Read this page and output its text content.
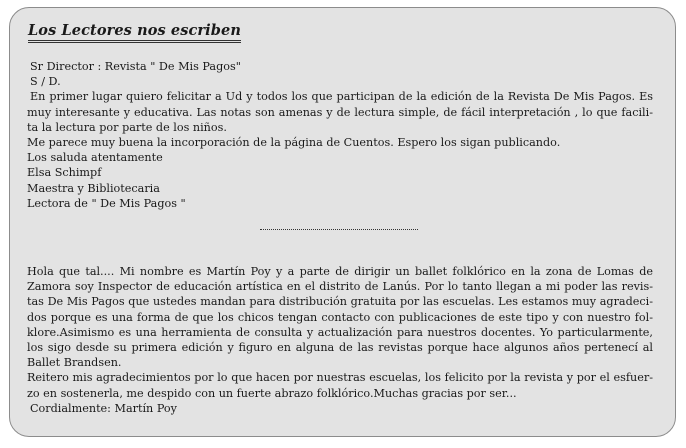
Los Lectores nos escriben

Sr Director : Revista " De Mis Pagos"

S / D.

En primer lugar quiero felicitar a Ud y todos los que participan de la edición de la Revista De Mis Pagos. Es

muy interesante y educativa. Las notas son amenas y de lectura simple, de fácil interpretación , lo que facili-

ta la lectura por parte de los niños.

Me parece muy buena la incorporación de la página de Cuentos. Espero los sigan publicando.

Los saluda atentamente

Elsa Schimpf

Maestra y Bibliotecaria

Lectora de " De Mis Pagos "

Hola que tal.... Mi nombre es Martín Poy y a parte de dirigir un ballet folklórico en la zona de Lomas de

Zamora soy Inspector de educación artística en el distrito de Lanús. Por lo tanto llegan a mi poder las revis-

tas De Mis Pagos que ustedes mandan para distribución gratuita por las escuelas. Les estamos muy agradeci-

dos porque es una forma de que los chicos tengan contacto con publicaciones de este tipo y con nuestro fol-

klore.Asimismo es una herramienta de consulta y actualización para nuestros docentes. Yo particularmente,

los sigo desde su primera edición y figuro en alguna de las revistas porque hace algunos años pertenecí al

Ballet Brandsen.

Reitero mis agradecimientos por lo que hacen por nuestras escuelas, los felicito por la revista y por el esfuer-

zo en sostenerla, me despido con un fuerte abrazo folklórico.Muchas gracias por ser...

Cordialmente: Martín Poy
